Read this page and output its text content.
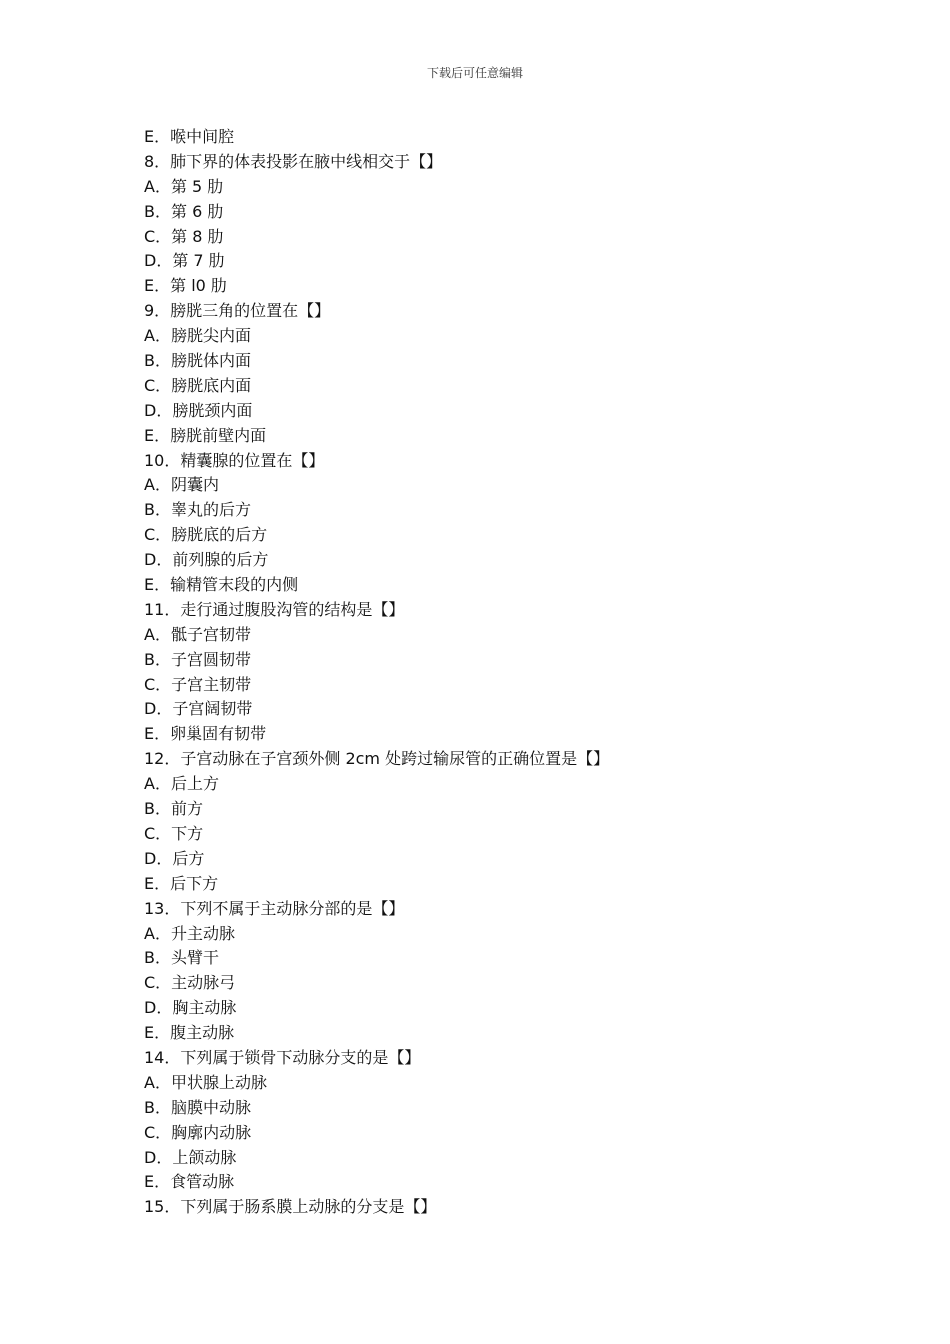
下载后可任意编辑
E．喉中间腔
8．肺下界的体表投影在腋中线相交于【】
A．第 5 肋
B．第 6 肋
C．第 8 肋
D．第 7 肋
E．第 l0 肋
9．膀胱三角的位置在【】
A．膀胱尖内面
B．膀胱体内面
C．膀胱底内面
D．膀胱颈内面
E．膀胱前壁内面
10．精囊腺的位置在【】
A．阴囊内
B．睾丸的后方
C．膀胱底的后方
D．前列腺的后方
E．输精管末段的内侧
11．走行通过腹股沟管的结构是【】
A．骶子宫韧带
B．子宫圆韧带
C．子宫主韧带
D．子宫阔韧带
E．卵巢固有韧带
12．子宫动脉在子宫颈外侧 2cm 处跨过输尿管的正确位置是【】
A．后上方
B．前方
C．下方
D．后方
E．后下方
13．下列不属于主动脉分部的是【】
A．升主动脉
B．头臂干
C．主动脉弓
D．胸主动脉
E．腹主动脉
14．下列属于锁骨下动脉分支的是【】
A．甲状腺上动脉
B．脑膜中动脉
C．胸廓内动脉
D．上颌动脉
E．食管动脉
15．下列属于肠系膜上动脉的分支是【】
